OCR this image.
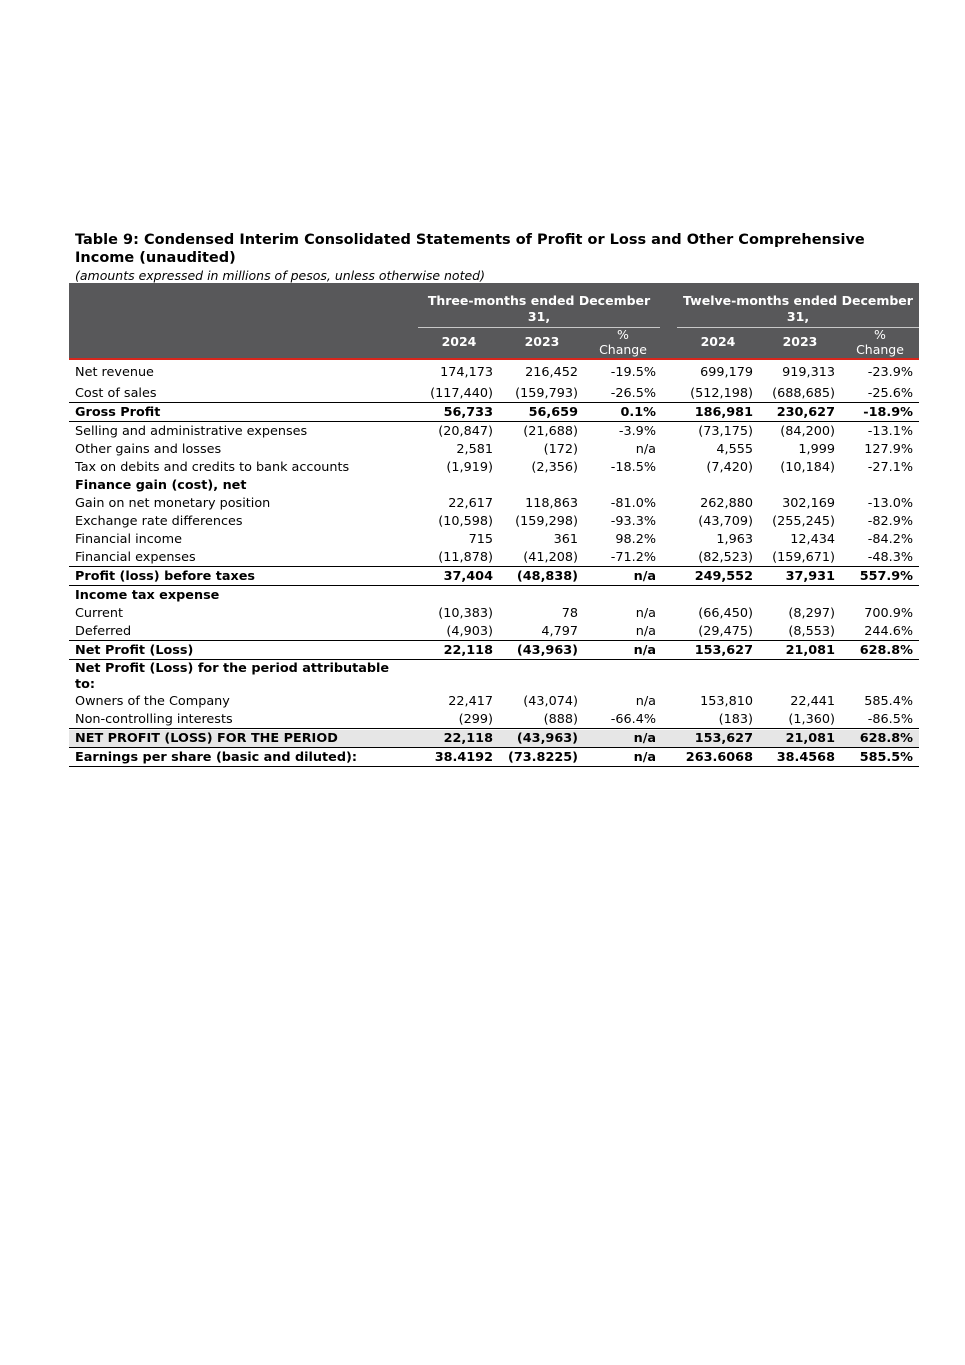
Table 9: Condensed Interim Consolidated Statements of Profit or Loss and Other Comprehensive Income (unaudited)
(amounts expressed in millions of pesos, unless otherwise noted)
Three-months ended December 31,
Twelve-months ended December 31,
2024	2023	%
Change
2024	2023	%
Change
Net revenue	174,173	216,452	-19.5%	699,179 919,313	-23.9%
Cost of sales	(117,440) (159,793)	-26.5%	(512,198) (688,685)	-25.6%
Gross Profit	56,733	56,659	0.1%	186,981 230,627 -18.9%
Selling and administrative expenses	(20,847) (21,688)	-3.9%	(73,175) (84,200)	-13.1%
Other gains and losses	2,581	(172)	n/a	4,555	1,999 127.9%
Tax on debits and credits to bank accounts	(1,919)	(2,356)	-18.5%	(7,420) (10,184)	-27.1%
Finance gain (cost), net
Gain on net monetary position	22,617	118,863	-81.0%	262,880 302,169	-13.0%
Exchange rate differences	(10,598) (159,298)	-93.3%	(43,709) (255,245)	-82.9%
Financial income	715	361	98.2%	1,963	12,434	-84.2%
Financial expenses	(11,878) (41,208)	-71.2%	(82,523) (159,671)	-48.3%
Profit (loss) before taxes	37,404 (48,838)	n/a	249,552	37,931 557.9%
Income tax expense
Current	(10,383)	78	n/a	(66,450)	(8,297) 700.9%
Deferred	(4,903)	4,797	n/a	(29,475)	(8,553) 244.6%
Net Profit (Loss)	22,118 (43,963)	n/a	153,627	21,081 628.8%
Net Profit (Loss) for the period attributable to:
Owners of the Company	22,417 (43,074)	n/a	153,810	22,441 585.4%
Non-controlling interests	(299)	(888)	-66.4%	(183)	(1,360)	-86.5%
NET PROFIT (LOSS) FOR THE PERIOD	22,118 (43,963)	n/a	153,627	21,081 628.8%
Earnings per share (basic and diluted):	38.4192 (73.8225)	n/a 263.6068 38.4568 585.5%
